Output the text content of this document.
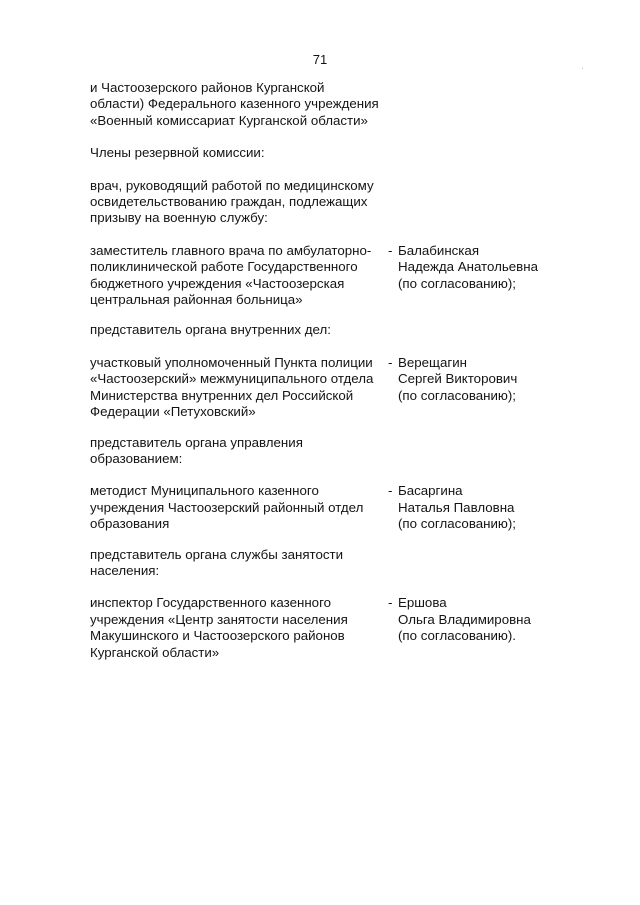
71
и Частоозерского районов Курганской
области) Федерального казенного учреждения
«Военный комиссариат Курганской области»
Члены резервной комиссии:
врач, руководящий работой по медицинскому
освидетельствованию граждан, подлежащих
призыву на военную службу:
заместитель главного врача по амбулаторно-
поликлинической работе Государственного
бюджетного учреждения «Частоозерская
центральная районная больница»
- Балабинская
Надежда Анатольевна
(по согласованию);
представитель органа внутренних дел:
участковый уполномоченный Пункта полиции
«Частоозерский» межмуниципального отдела
Министерства внутренних дел Российской
Федерации «Петуховский»
- Верещагин
Сергей Викторович
(по согласованию);
представитель органа управления
образованием:
методист Муниципального казенного
учреждения Частоозерский районный отдел
образования
- Басаргина
Наталья Павловна
(по согласованию);
представитель органа службы занятости
населения:
инспектор Государственного казенного
учреждения «Центр занятости населения
Макушинского и Частоозерского районов
Курганской области»
- Ершова
Ольга Владимировна
(по согласованию).
